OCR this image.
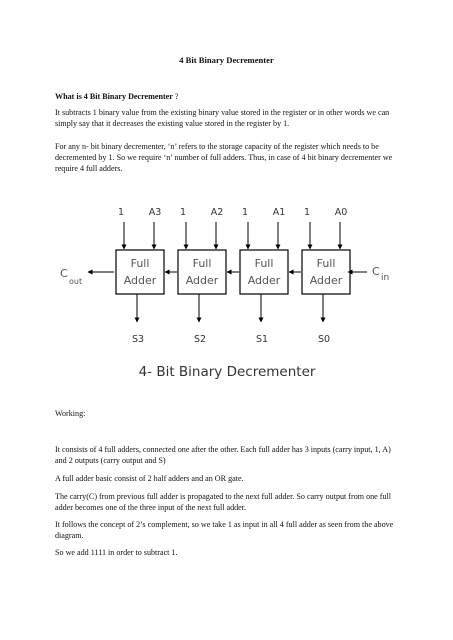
4 Bit Binary Decrementer

What is 4 Bit Binary Decrementer ?

It subtracts 1 binary value from the existing binary value stored in the register or in other words we can simply say that it decreases the existing value stored in the register by 1.

For any n- bit binary decrementer, ‘n’ refers to the storage capacity of the register which needs to be decremented by 1. So we require ‘n’ number of full adders. Thus, in case of 4 bit binary decrementer we require 4 full adders.

Full
Adder
1	A3
S3
Full
Adder
1	A2
S2
Full
Adder
1	A1
S1
Full
Adder
1	A0
S0
C
out
C in
4- Bit Binary Decrementer

Working:

It consists of 4 full adders, connected one after the other. Each full adder has 3 inputs (carry input, 1, A) and 2 outputs (carry output and S)

A full adder basic consist of 2 half adders and an OR gate.

The carry(C) from previous full adder is propagated to the next full adder. So carry output from one full adder becomes one of the three input of the next full adder.

It follows the concept of 2’s complement, so we take 1 as input in all 4 full adder as seen from the above diagram.

So we add 1111 in order to subtract 1.
